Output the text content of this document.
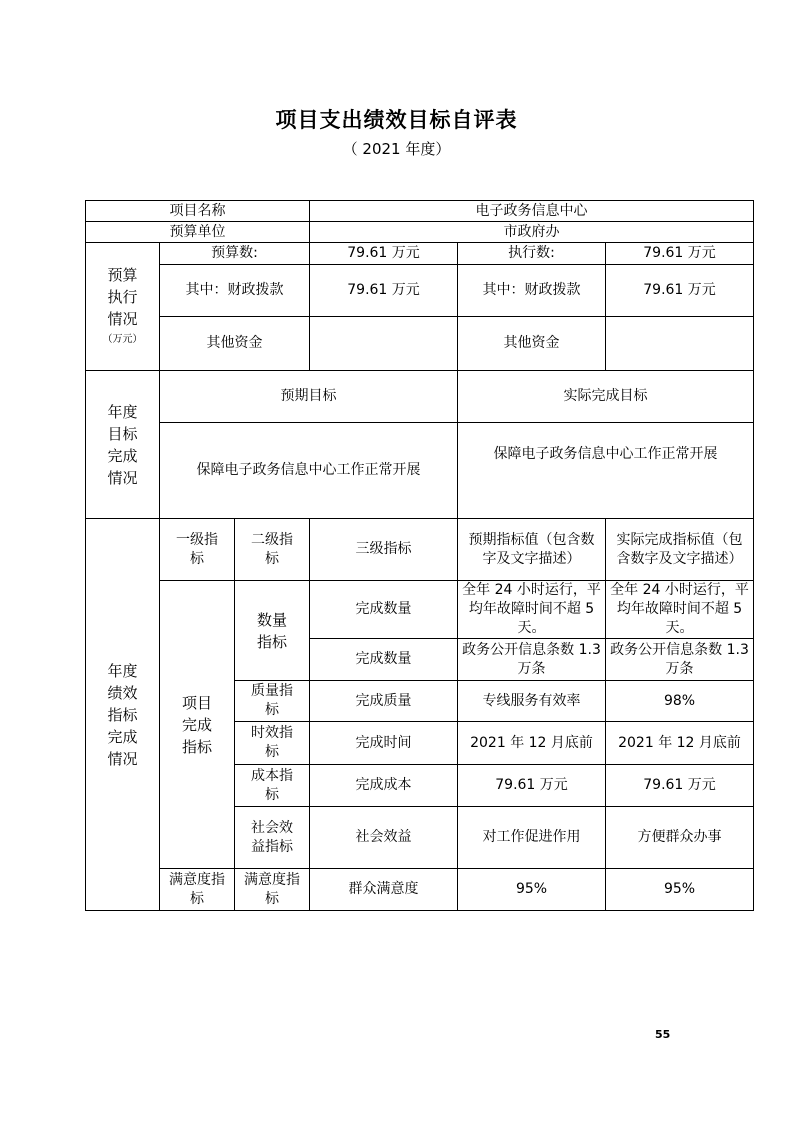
项目支出绩效目标自评表
（ 2021 年度）
项目名称			电子政务信息中心		
预算单位			市政府办		

预算执行情况
（万元）	预算数:		79.61 万元	执行数:	79.61 万元
	其中：财政拨款		79.61 万元	其中：财政拨款	79.61 万元
	其他资金			其他资金	

年度目标完成情况	预期目标			实际完成目标	
	保障电子政务信息中心工作正常开展			保障电子政务信息中心工作正常开展	

年度绩效指标完成情况	一级指标	二级指标	三级指标	预期指标值（包含数字及文字描述）	实际完成指标值（包含数字及文字描述）

	项目完成指标	数量指标	完成数量	全年 24 小时运行，平均年故障时间不超 5 天。	全年 24 小时运行，平均年故障时间不超 5 天。
			完成数量	政务公开信息条数 1.3 万条	政务公开信息条数 1.3 万条

		质量指标	完成质量	专线服务有效率	98%

		时效指标	完成时间	2021 年 12 月底前	2021 年 12 月底前

		成本指标	完成成本	79.61 万元	79.61 万元

		社会效益指标	社会效益	对工作促进作用	方便群众办事

	满意度指标	满意度指标	群众满意度	95%	95%
55
